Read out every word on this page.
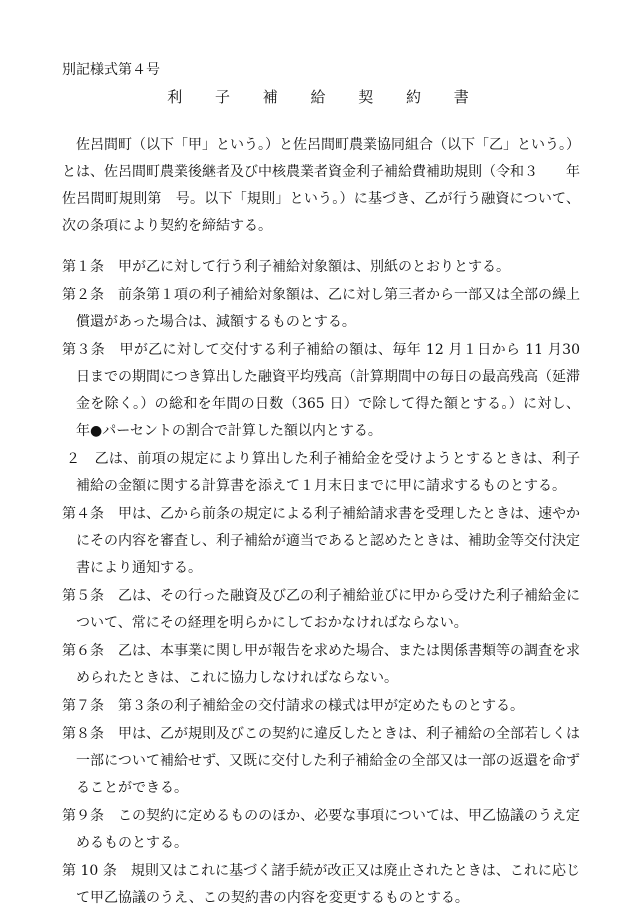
別記様式第４号
利 子 補 給 契 約 書

佐呂間町（以下「甲」という。）と佐呂間町農業協同組合（以下「乙」という。）とは、佐呂間町農業後継者及び中核農業者資金利子補給費補助規則（令和３　　年佐呂間町規則第　号。以下「規則」という。）に基づき、乙が行う融資について、次の条項により契約を締結する。

第１条　甲が乙に対して行う利子補給対象額は、別紙のとおりとする。
第２条　前条第１項の利子補給対象額は、乙に対し第三者から一部又は全部の繰上償還があった場合は、減額するものとする。
第３条　甲が乙に対して交付する利子補給の額は、毎年 12 月１日から 11 月30 日までの期間につき算出した融資平均残高（計算期間中の毎日の最高残高（延滞金を除く。）の総和を年間の日数（365 日）で除して得た額とする。）に対し、年●パーセントの割合で計算した額以内とする。
２　乙は、前項の規定により算出した利子補給金を受けようとするときは、利子補給の金額に関する計算書を添えて１月末日までに甲に請求するものとする。
第４条　甲は、乙から前条の規定による利子補給請求書を受理したときは、速やかにその内容を審査し、利子補給が適当であると認めたときは、補助金等交付決定書により通知する。
第５条　乙は、その行った融資及び乙の利子補給並びに甲から受けた利子補給金について、常にその経理を明らかにしておかなければならない。
第６条　乙は、本事業に関し甲が報告を求めた場合、または関係書類等の調査を求められたときは、これに協力しなければならない。
第７条　第３条の利子補給金の交付請求の様式は甲が定めたものとする。
第８条　甲は、乙が規則及びこの契約に違反したときは、利子補給の全部若しくは一部について補給せず、又既に交付した利子補給金の全部又は一部の返還を命ずることができる。
第９条　この契約に定めるもののほか、必要な事項については、甲乙協議のうえ定めるものとする。
第 10 条　規則又はこれに基づく諸手続が改正又は廃止されたときは、これに応じて甲乙協議のうえ、この契約書の内容を変更するものとする。
